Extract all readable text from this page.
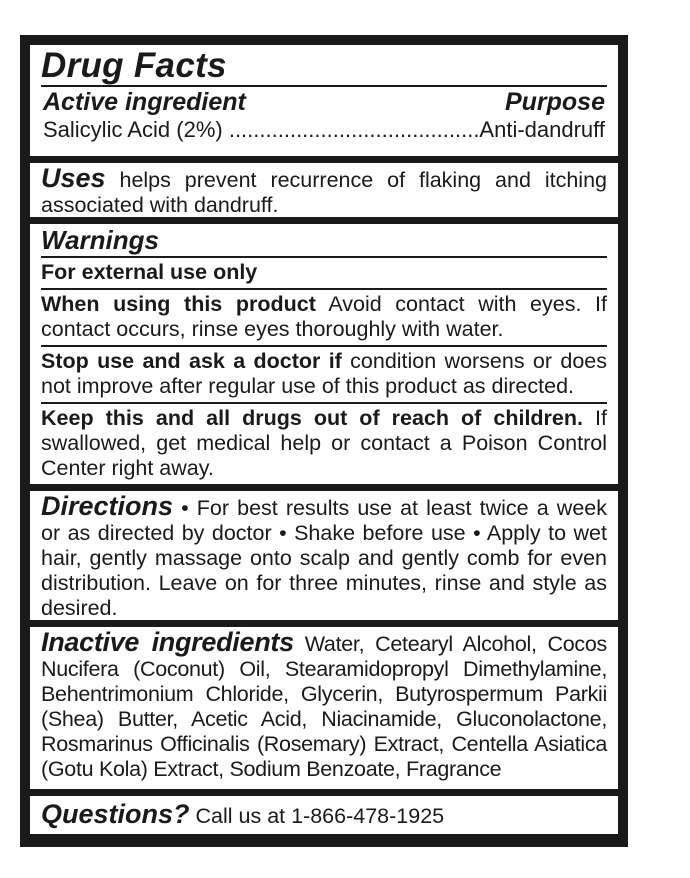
Drug Facts
Active ingredient	Purpose
Salicylic Acid (2%) .....	Anti-dandruff
Uses helps prevent recurrence of flaking and itching associated with dandruff.
Warnings
For external use only
When using this product Avoid contact with eyes. If contact occurs, rinse eyes thoroughly with water.
Stop use and ask a doctor if condition worsens or does not improve after regular use of this product as directed.
Keep this and all drugs out of reach of children. If swallowed, get medical help or contact a Poison Control Center right away.
Directions • For best results use at least twice a week or as directed by doctor • Shake before use • Apply to wet hair, gently massage onto scalp and gently comb for even distribution. Leave on for three minutes, rinse and style as desired.
Inactive ingredients Water, Cetearyl Alcohol, Cocos Nucifera (Coconut) Oil, Stearamidopropyl Dimethylamine, Behentrimonium Chloride, Glycerin, Butyrospermum Parkii (Shea) Butter, Acetic Acid, Niacinamide, Gluconolactone, Rosmarinus Officinalis (Rosemary) Extract, Centella Asiatica (Gotu Kola) Extract, Sodium Benzoate, Fragrance
Questions? Call us at 1-866-478-1925
